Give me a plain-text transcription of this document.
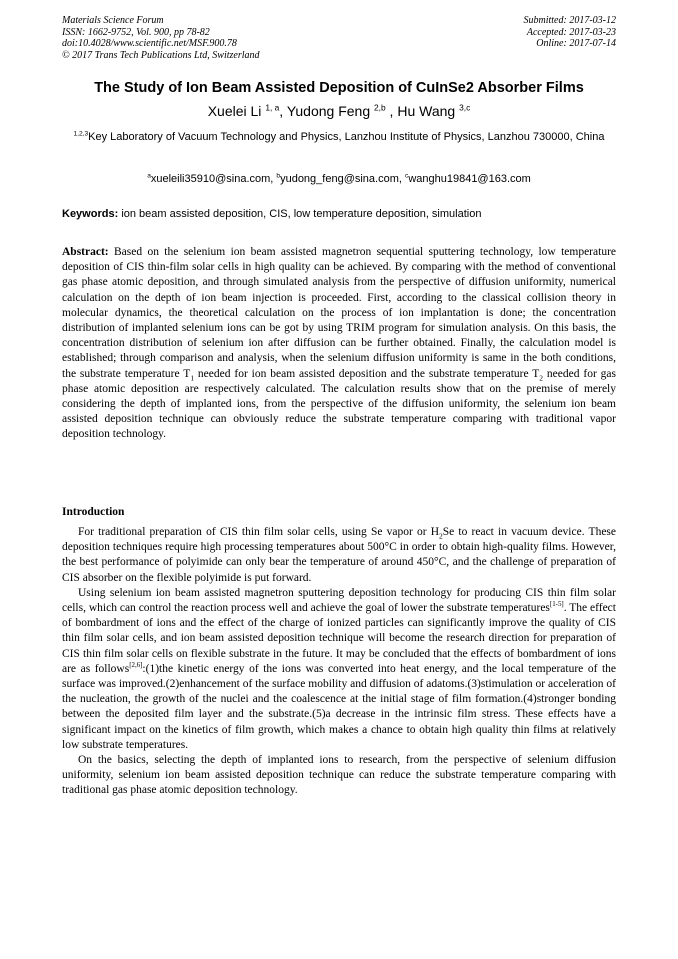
Materials Science Forum
ISSN: 1662-9752, Vol. 900, pp 78-82
doi:10.4028/www.scientific.net/MSF.900.78
© 2017 Trans Tech Publications Ltd, Switzerland
Submitted: 2017-03-12
Accepted: 2017-03-23
Online: 2017-07-14
The Study of Ion Beam Assisted Deposition of CuInSe2 Absorber Films
Xuelei Li $^{1, a}$, Yudong Feng $^{2,b}$ , Hu Wang $^{3,c}$
$^{1,2,3}$Key Laboratory of Vacuum Technology and Physics, Lanzhou Institute of Physics, Lanzhou 730000, China
$^a$xueleili35910@sina.com, $^b$yudong_feng@sina.com, $^c$wanghu19841@163.com
Keywords: ion beam assisted deposition, CIS, low temperature deposition, simulation
Abstract: Based on the selenium ion beam assisted magnetron sequential sputtering technology, low temperature deposition of CIS thin-film solar cells in high quality can be achieved. By comparing with the method of conventional gas phase atomic deposition, and through simulated analysis from the perspective of diffusion uniformity, numerical calculation on the depth of ion beam injection is proceeded. First, according to the classical collision theory in molecular dynamics, the theoretical calculation on the process of ion implantation is done; the concentration distribution of implanted selenium ions can be got by using TRIM program for simulation analysis. On this basis, the concentration distribution of selenium ion after diffusion can be further obtained. Finally, the calculation model is established; through comparison and analysis, when the selenium diffusion uniformity is same in the both conditions, the substrate temperature $T_1$ needed for ion beam assisted deposition and the substrate temperature $T_2$ needed for gas phase atomic deposition are respectively calculated. The calculation results show that on the premise of merely considering the depth of implanted ions, from the perspective of the diffusion uniformity, the selenium ion beam assisted deposition technique can obviously reduce the substrate temperature comparing with traditional vapor deposition technology.
Introduction

For traditional preparation of CIS thin film solar cells, using Se vapor or $H_2Se$ to react in vacuum device. These deposition techniques require high processing temperatures about 500°C in order to obtain high-quality films. However, the best performance of polyimide can only bear the temperature of around 450°C, and the challenge of preparation of CIS absorber on the flexible polyimide is put forward.

Using selenium ion beam assisted magnetron sputtering deposition technology for producing CIS thin film solar cells, which can control the reaction process well and achieve the goal of lower the substrate temperatures[1-5]. The effect of bombardment of ions and the effect of the charge of ionized particles can significantly improve the quality of CIS thin film solar cells, and ion beam assisted deposition technique will become the research direction for preparation of CIS thin film solar cells on flexible substrate in the future. It may be concluded that the effects of bombardment of ions are as follows[2,6]:(1)the kinetic energy of the ions was converted into heat energy, and the local temperature of the surface was improved.(2)enhancement of the surface mobility and diffusion of adatoms.(3)stimulation or acceleration of the nucleation, the growth of the nuclei and the coalescence at the initial stage of film formation.(4)stronger bonding between the deposited film layer and the substrate.(5)a decrease in the intrinsic film stress. These effects have a significant impact on the kinetics of film growth, which makes a chance to obtain high quality thin films at relatively low substrate temperatures.

On the basics, selecting the depth of implanted ions to research, from the perspective of selenium diffusion uniformity, selenium ion beam assisted deposition technique can reduce the substrate temperature comparing with traditional gas phase atomic deposition technology.
